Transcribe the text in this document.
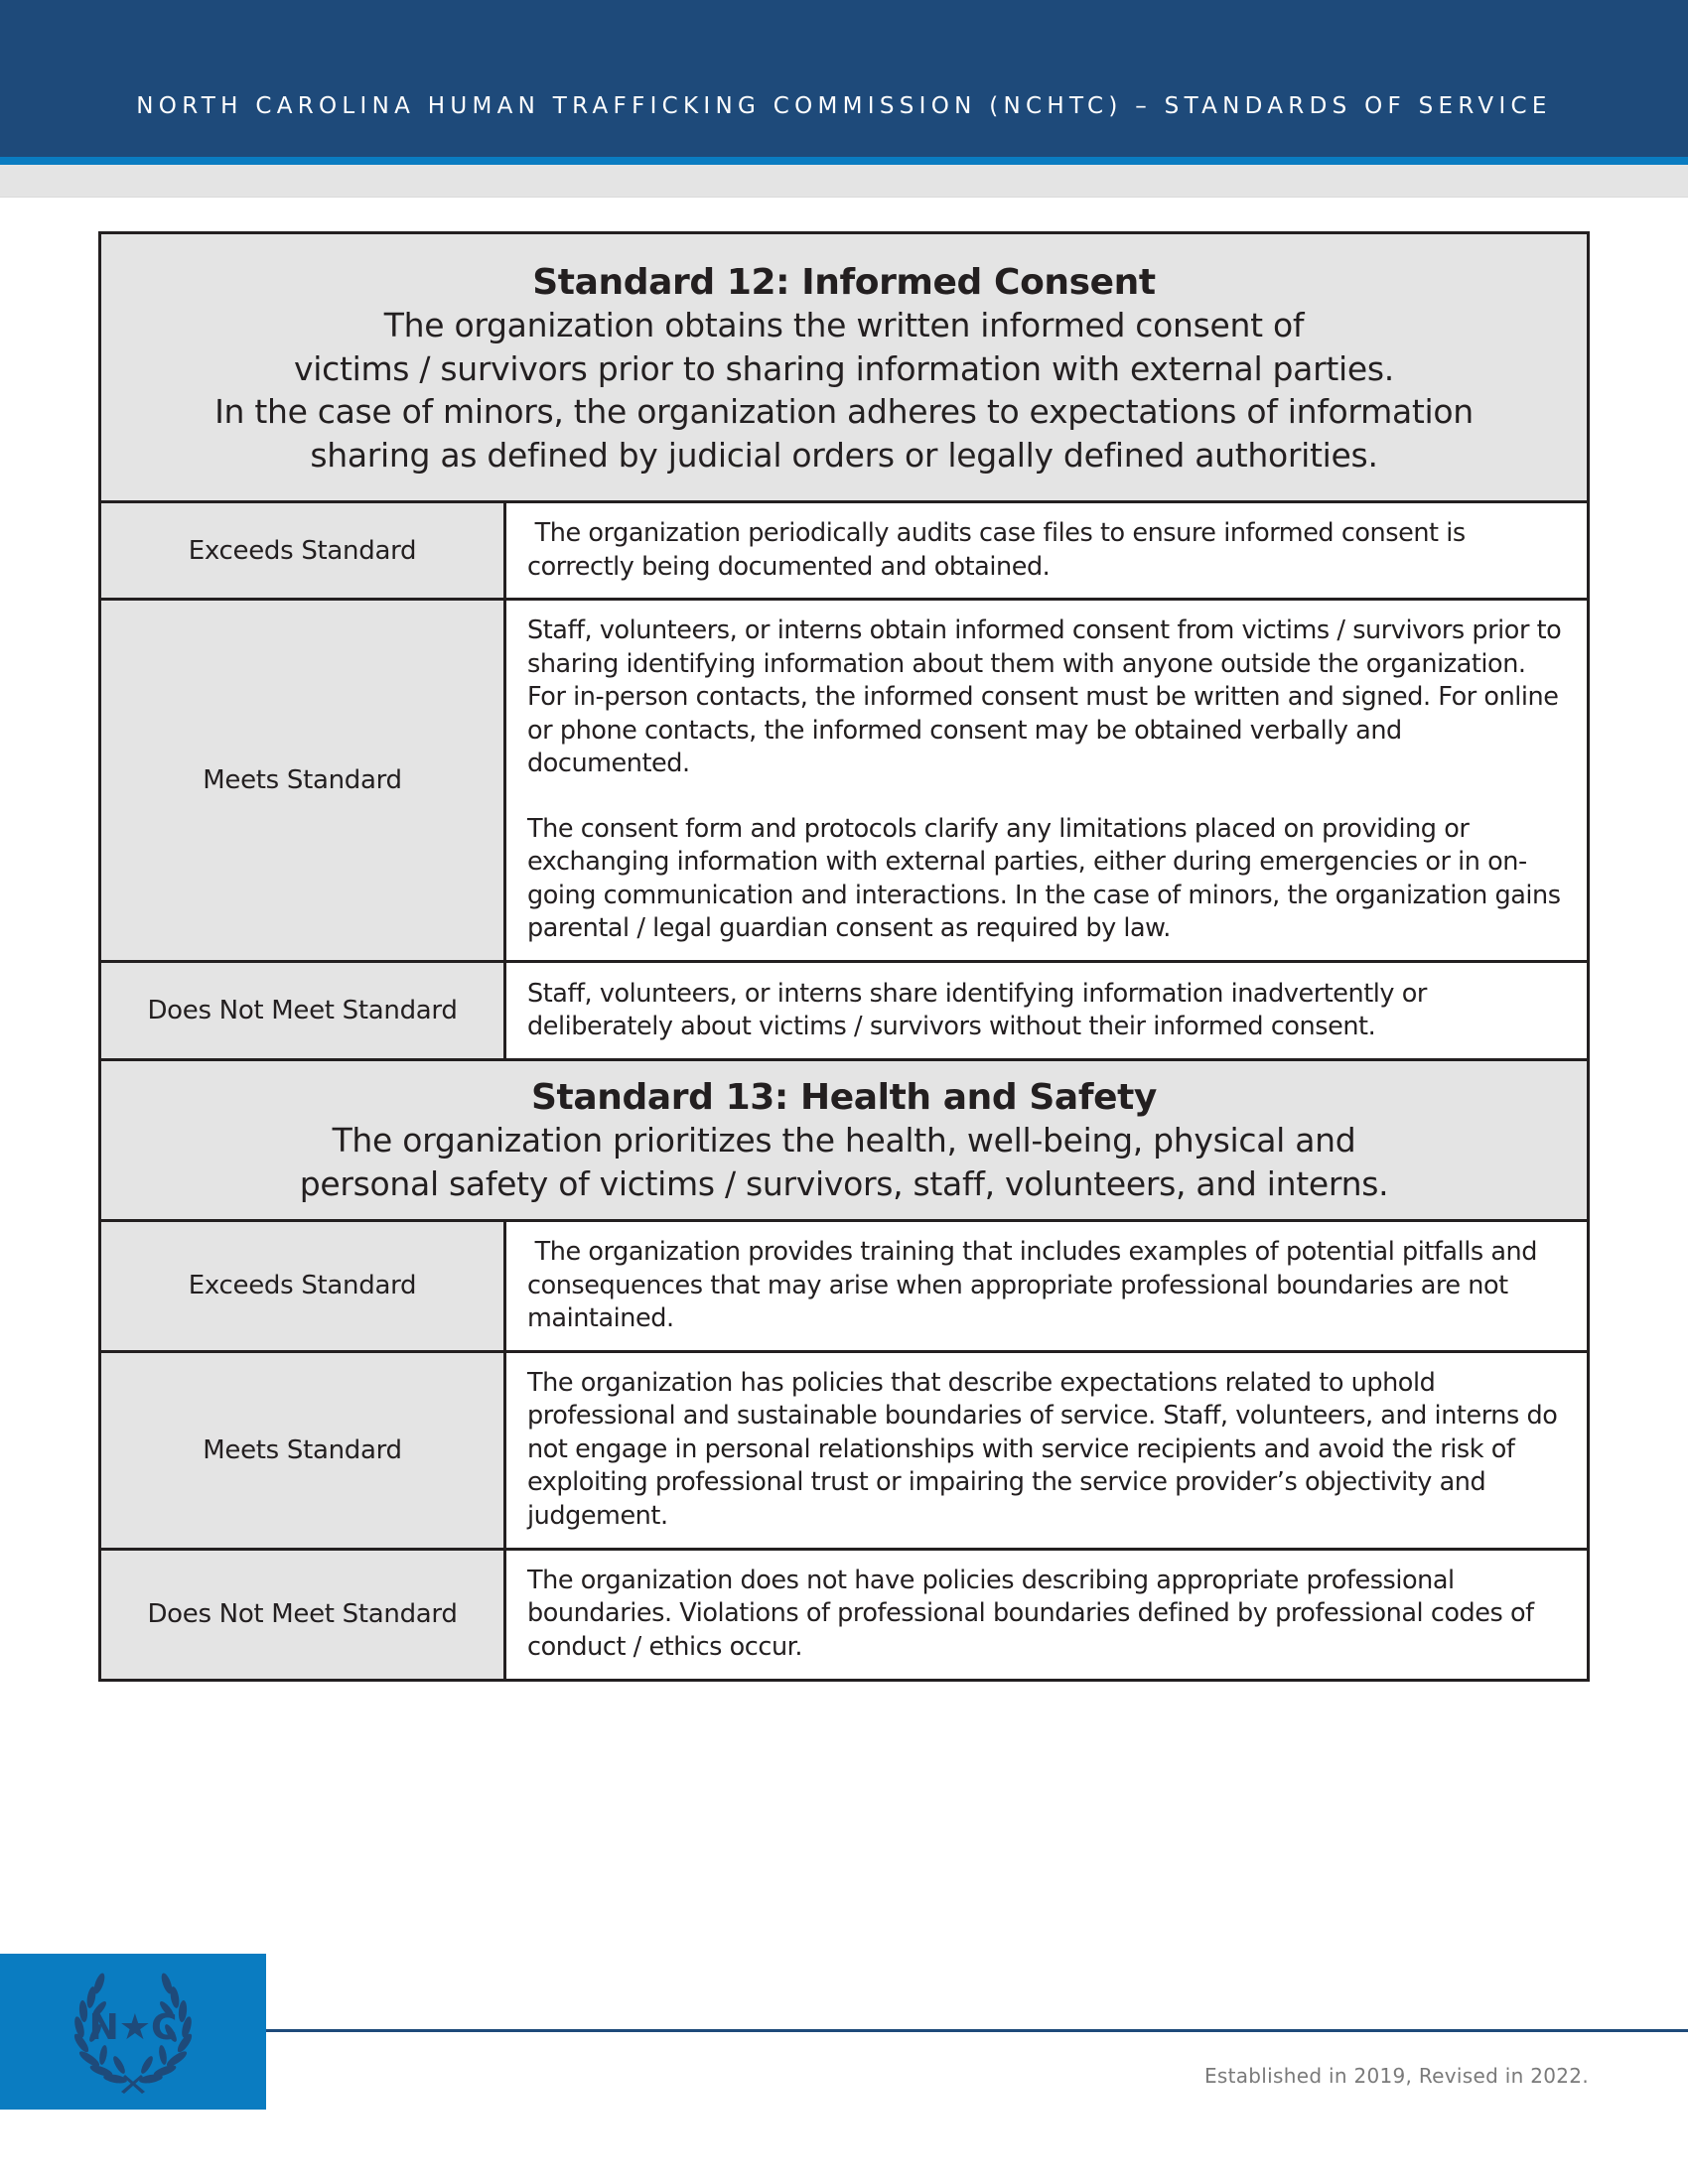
NORTH CAROLINA HUMAN TRAFFICKING COMMISSION (NCHTC) – STANDARDS OF SERVICE
Standard 12: Informed Consent
The organization obtains the written informed consent of
victims / survivors prior to sharing information with external parties.
In the case of minors, the organization adheres to expectations of information
sharing as defined by judicial orders or legally defined authorities.	

Exceeds Standard	The organization periodically audits case files to ensure informed consent is correctly being documented and obtained.

Meets Standard	Staff, volunteers, or interns obtain informed consent from victims / survivors prior to sharing identifying information about them with anyone outside the organization. For in-person contacts, the informed consent must be written and signed. For online or phone contacts, the informed consent may be obtained verbally and documented.

The consent form and protocols clarify any limitations placed on providing or exchanging information with external parties, either during emergencies or in on-going communication and interactions. In the case of minors, the organization gains parental / legal guardian consent as required by law.

Does Not Meet Standard	Staff, volunteers, or interns share identifying information inadvertently or deliberately about victims / survivors without their informed consent.

Standard 13: Health and Safety
The organization prioritizes the health, well-being, physical and
personal safety of victims / survivors, staff, volunteers, and interns.	

Exceeds Standard	The organization provides training that includes examples of potential pitfalls and consequences that may arise when appropriate professional boundaries are not maintained.

Meets Standard	The organization has policies that describe expectations related to uphold professional and sustainable boundaries of service. Staff, volunteers, and interns do not engage in personal relationships with service recipients and avoid the risk of exploiting professional trust or impairing the service provider’s objectivity and judgement.

Does Not Meet Standard	The organization does not have policies describing appropriate professional boundaries. Violations of professional boundaries defined by professional codes of conduct / ethics occur.

N★C
Established in 2019, Revised in 2022.
